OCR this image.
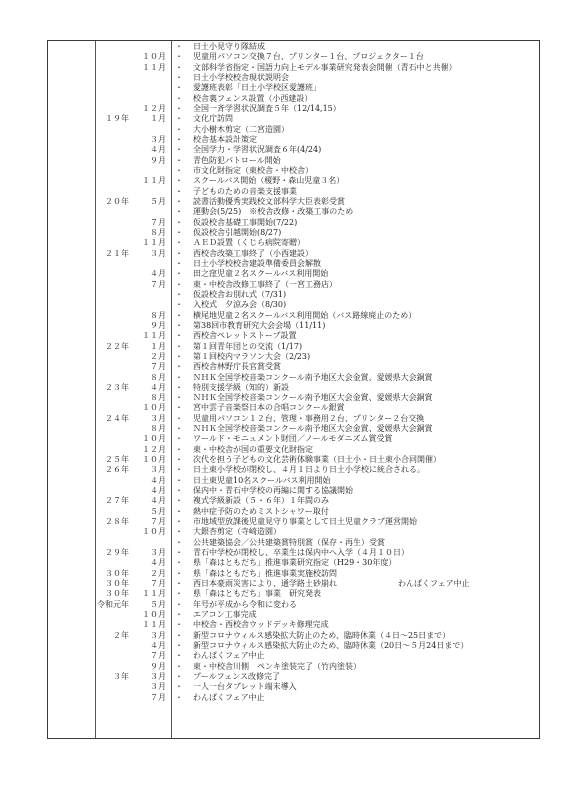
・ 日土小見守り隊結成
１０月 ・ 児童用パソコン交換７台、プリンター１台、プロジェクター１台
１１月 ・ 文部科学省指定・国語力向上モデル事業研究発表会開催（青石中と共催）
・ 日土小学校校舎現状説明会
・ 愛護班表彰「日土小学校区愛護班」
・ 校舎裏フェンス設置（小西建設）
１２月 ・ 全国一斉学習状況調査５年（12/14,15）
１９年	１月 ・ 文化庁訪問
・ 大小樹木剪定（二宮造園）
３月 ・ 校舎基本設計策定
４月 ・ 全国学力・学習状況調査６年(4/24)
９月 ・ 青色防犯パトロール開始
・ 市文化財指定（東校舎・中校舎）
１１月 ・ スクールバス開始（榎野・森山児童３名）
・ 子どものための音楽支援事業
２０年	５月 ・ 読書活動優秀実践校文部科学大臣表彰受賞
・ 運動会(5/25)　※校舎改修・改築工事のため
７月 ・ 仮設校舎基礎工事開始(7/22)
８月 ・ 仮設校舎引越開始(8/27)
１１月 ・ ＡＥＤ設置（くじら病院寄贈）
２１年	３月 ・ 西校舎改築工事終了（小西建設）
・ 日土小学校校舎建設準備委員会解散
４月 ・ 田之窪児童２名スクールバス利用開始
７月 ・ 東・中校舎改修工事終了（一宮工務店）
・ 仮設校舎お別れ式（7/31)
・ 入校式　夕涼み会（8/30)
８月 ・ 横尾地児童２名スクールバス利用開始（バス路線廃止のため）
９月 ・ 第38回市教育研究大会会場（11/11)
１１月 ・ 西校舎ペレットストーブ設置
２２年	１月 ・ 第１回青年団との交流（1/17)
２月 ・ 第１回校内マラソン大会（2/23)
７月 ・ 西校舎林野庁長官賞受賞
８月 ・ ＮＨＫ全国学校音楽コンクール南予地区大会金賞、愛媛県大会銅賞
２３年	４月 ・ 特別支援学級（知的）新設
８月 ・ ＮＨＫ全国学校音楽コンクール南予地区大会金賞、愛媛県大会銅賞
１０月 ・ 宮中雲子音楽祭日本の合唱コンクール銀賞
２４年	３月 ・ 児童用パソコン１２台、管理・事務用２台、プリンター２台交換
８月 ・ ＮＨＫ全国学校音楽コンクール南予地区大会金賞、愛媛県大会銅賞
１０月 ・ ワールド・モニュメント財団／ノールモダニズム賞受賞
１２月 ・ 東・中校舎が国の重要文化財指定
２５年	１０月 ・ 次代を担う子どもの文化芸術体験事業（日土小・日土東小合同開催）
２６年	３月 ・ 日土東小学校が閉校し、４月１日より日土小学校に統合される。
４月 ・ 日土東児童10名スクールバス利用開始
４月 ・ 保内中・青石中学校の再編に関する協議開始
２７年	４月 ・ 複式学級新設（５・６年）１年間のみ
５月 ・ 熱中症予防のためミストシャワー取付
２８年	７月 ・ 市地域型放課後児童見守り事業として日土児童クラブ運営開始
１０月 ・ 大銀杏剪定（寺崎造園）
・ 公共建築協会／公共建築賞特別賞（保存・再生）受賞
２９年	３月 ・ 青石中学校が閉校し、卒業生は保内中へ入学（４月１０日）
４月 ・ 県「森はともだち」推進事業研究指定（H29・30年度）
３０年	２月 ・ 県「森はともだち」推進事業実施校訪問
３０年	７月 ・ 西日本豪雨災害により、通学路土砂崩れ	わんぱくフェア中止
３０年	１１月 ・ 県「森はともだち」事業　研究発表
令和元年	５月 ・ 年号が平成から令和に変わる
１０月 ・ エアコン工事完成
１１月 ・ 中校舎・西校舎ウッドデッキ修理完成
２年	３月 ・ 新型コロナウィルス感染拡大防止のため、臨時休業（４日～25日まで）
４月 ・ 新型コロナウィルス感染拡大防止のため、臨時休業（20日～５月24日まで）
７月 ・ わんぱくフェア中止
９月 ・ 東・中校舎川側　ペンキ塗装完了（竹内塗装）
３年	３月 ・ プールフェンス改修完了
３月 ・ 一人一台タブレット端末導入
７月 ・ わんぱくフェア中止
